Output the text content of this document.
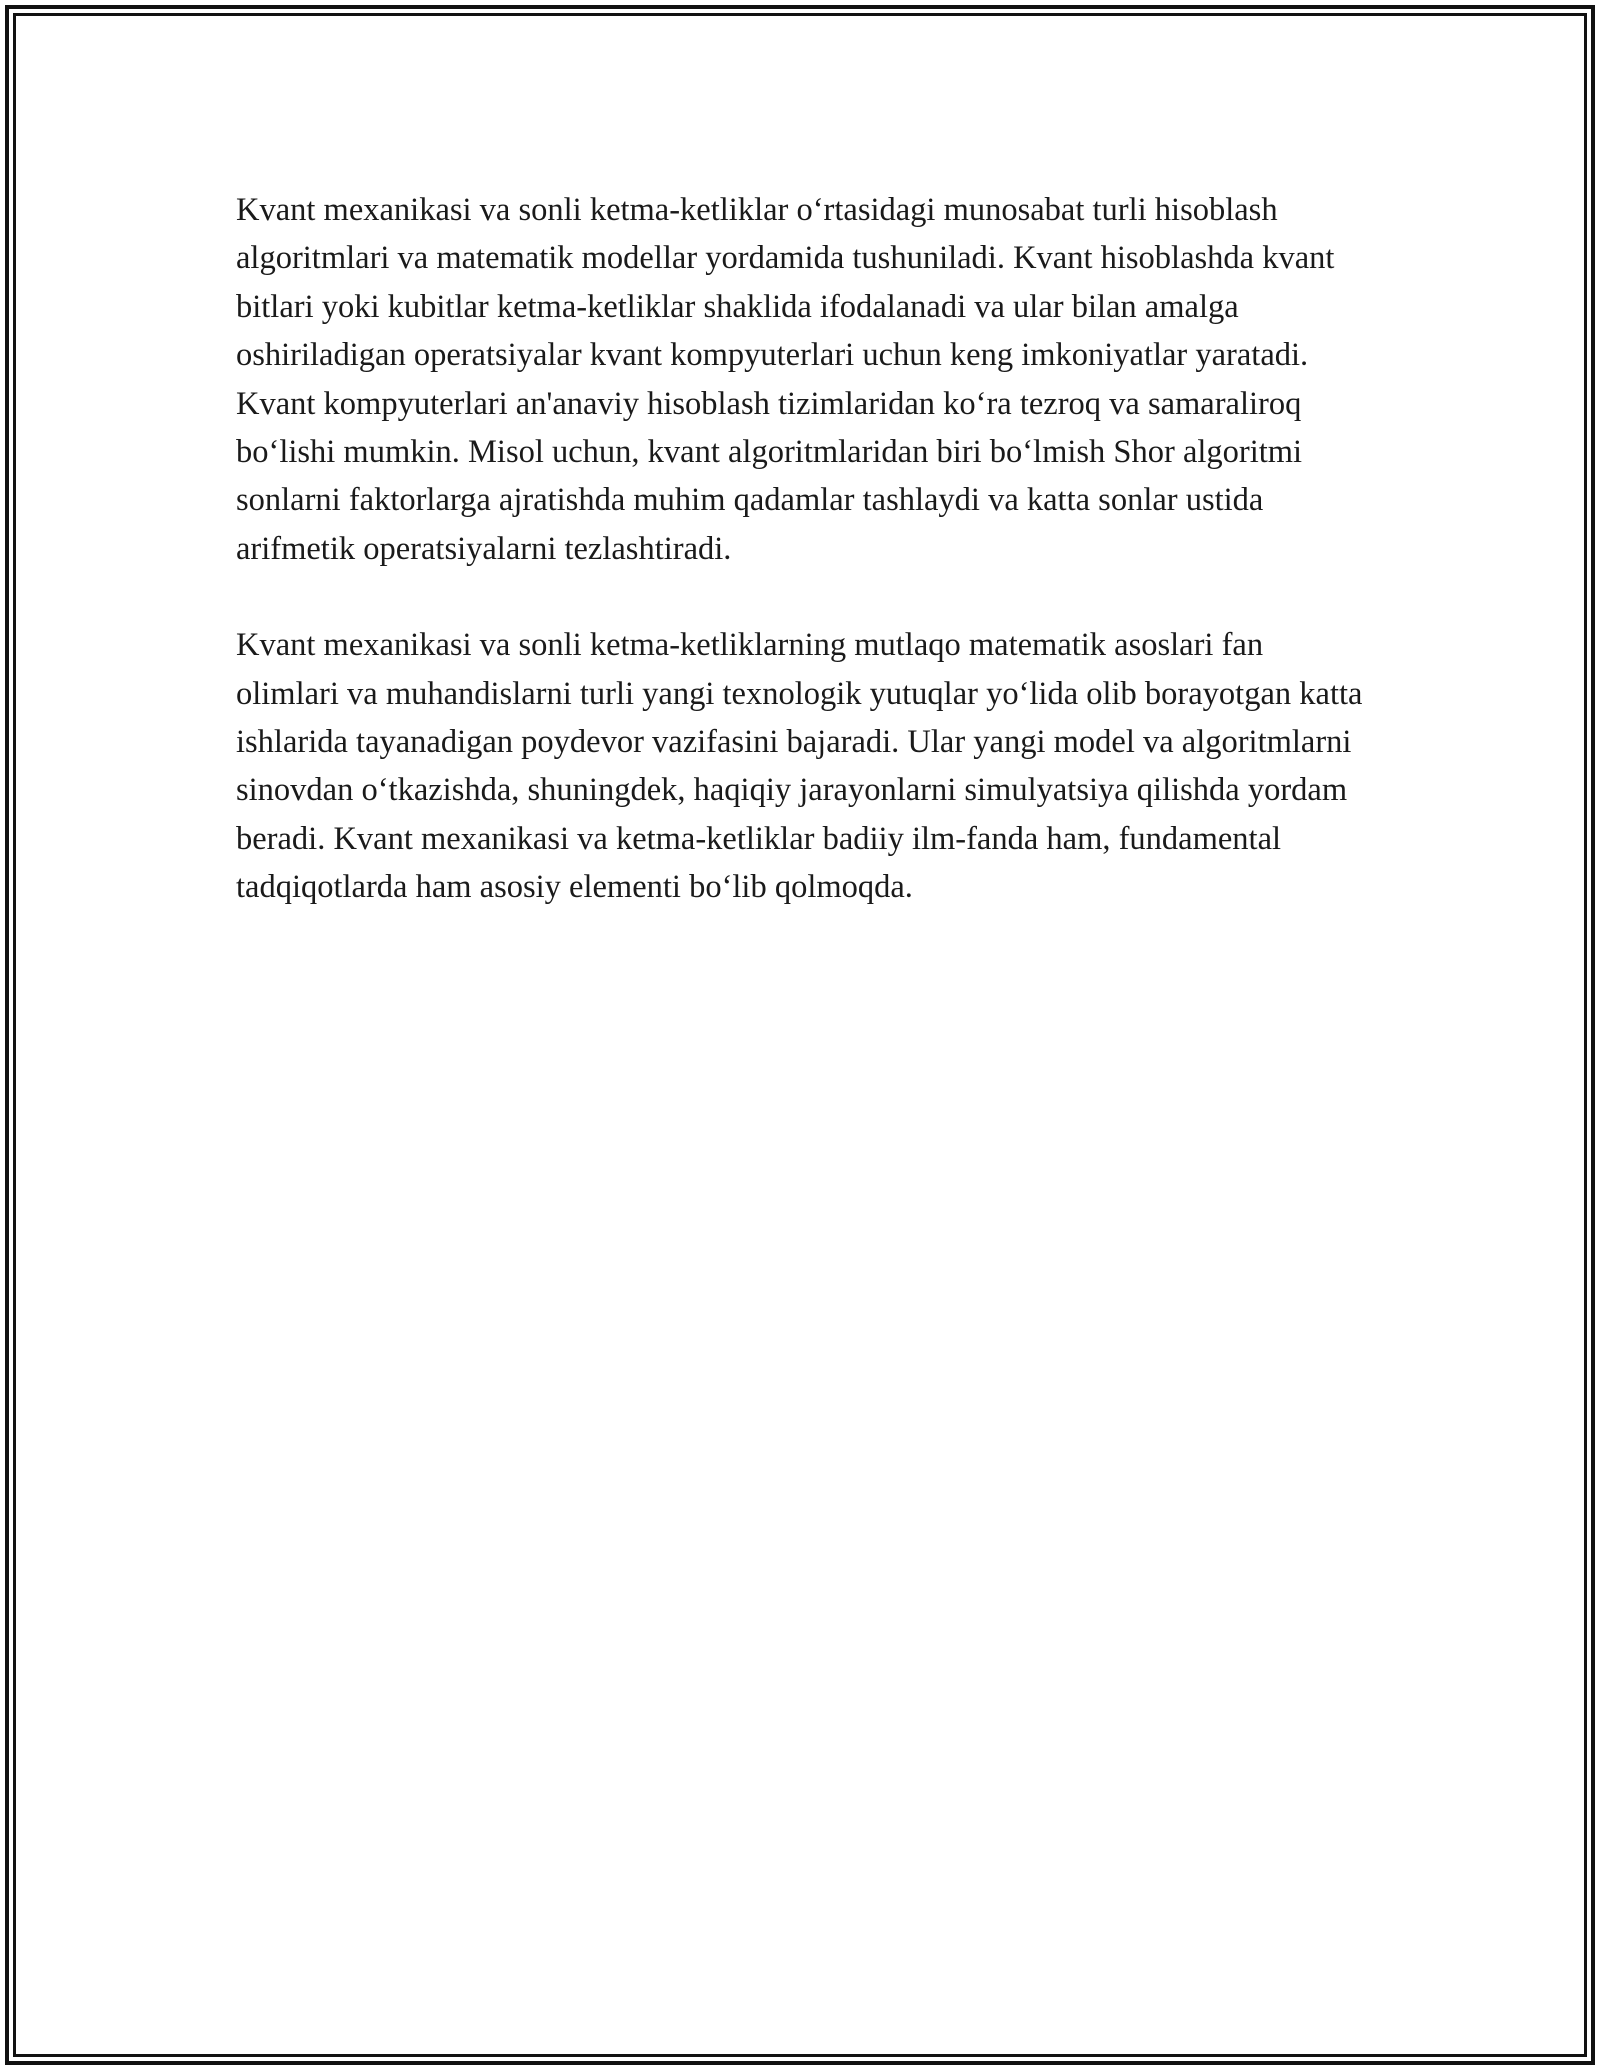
Kvant mexanikasi va sonli ketma-ketliklar o‘rtasidagi munosabat turli hisoblash algoritmlari va matematik modellar yordamida tushuniladi. Kvant hisoblashda kvant bitlari yoki kubitlar ketma-ketliklar shaklida ifodalanadi va ular bilan amalga oshiriladigan operatsiyalar kvant kompyuterlari uchun keng imkoniyatlar yaratadi. Kvant kompyuterlari an'anaviy hisoblash tizimlaridan ko‘ra tezroq va samaraliroq bo‘lishi mumkin. Misol uchun, kvant algoritmlaridan biri bo‘lmish Shor algoritmi sonlarni faktorlarga ajratishda muhim qadamlar tashlaydi va katta sonlar ustida arifmetik operatsiyalarni tezlashtiradi.

Kvant mexanikasi va sonli ketma-ketliklarning mutlaqo matematik asoslari fan olimlari va muhandislarni turli yangi texnologik yutuqlar yo‘lida olib borayotgan katta ishlarida tayanadigan poydevor vazifasini bajaradi. Ular yangi model va algoritmlarni sinovdan o‘tkazishda, shuningdek, haqiqiy jarayonlarni simulyatsiya qilishda yordam beradi. Kvant mexanikasi va ketma-ketliklar badiiy ilm-fanda ham, fundamental tadqiqotlarda ham asosiy elementi bo‘lib qolmoqda.
